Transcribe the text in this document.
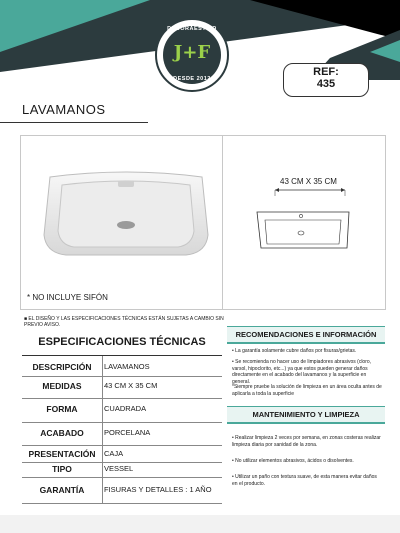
DECORAESTILO
J+F
DESDE 2012
REF:
435
LAVAMANOS
* NO INCLUYE SIFÓN
43 CM X 35 CM
■ EL DISEÑO Y LAS ESPECIFICACIONES TÉCNICAS ESTÁN SUJETAS A CAMBIO SIN PREVIO AVISO.
ESPECIFICACIONES TÉCNICAS
DESCRIPCIÓN	LAVAMANOS
MEDIDAS	43 CM X 35 CM
FORMA	CUADRADA
ACABADO	PORCELANA
PRESENTACIÓN	CAJA
TIPO	VESSEL
GARANTÍA	FISURAS Y DETALLES : 1 AÑO
RECOMENDACIONES E INFORMACIÓN
• La garantía solamente cubre daños por fisuras/grietas.
• Se recomienda no hacer uso de limpiadores abrasivos (cloro, varsol, hipoclorito, etc...) ya que estos pueden generar daños directamente en el acabado del lavamanos y la superficie en general.
*Siempre pruebe la solución de limpieza en un área oculta antes de aplicarla a toda la superficie
MANTENIMIENTO Y LIMPIEZA
• Realizar limpieza 2 veces por semana, en zonas costeras realizar limpieza diaria por sanidad de la zona.
• No utilizar elementos abrasivos, ácidos o disolventes.
• Utilizar un paño con textura suave, de esta manera evitar daños en el producto.
